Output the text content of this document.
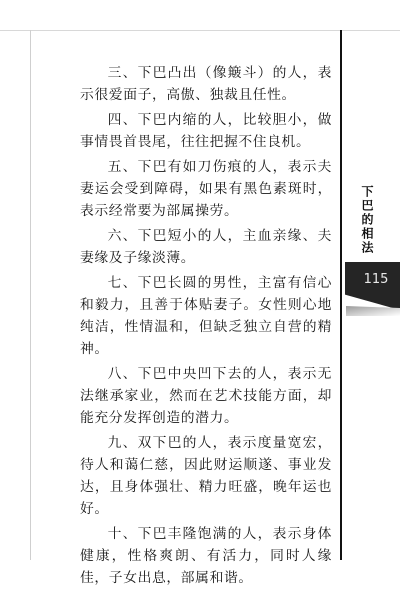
三、下巴凸出（像簸斗）的人，表示很爱面子，高傲、独裁且任性。

四、下巴内缩的人，比较胆小，做事情畏首畏尾，往往把握不住良机。

五、下巴有如刀伤痕的人，表示夫妻运会受到障碍，如果有黑色素斑时，表示经常要为部属操劳。

六、下巴短小的人，主血亲缘、夫妻缘及子缘淡薄。

七、下巴长圆的男性，主富有信心和毅力，且善于体贴妻子。女性则心地纯洁，性情温和，但缺乏独立自营的精神。

八、下巴中央凹下去的人，表示无法继承家业，然而在艺术技能方面，却能充分发挥创造的潜力。

九、双下巴的人，表示度量宽宏，待人和蔼仁慈，因此财运顺遂、事业发达，且身体强壮、精力旺盛，晚年运也好。

十、下巴丰隆饱满的人，表示身体健康，性格爽朗、有活力，同时人缘佳，子女出息，部属和谐。

下巴的相法
115
